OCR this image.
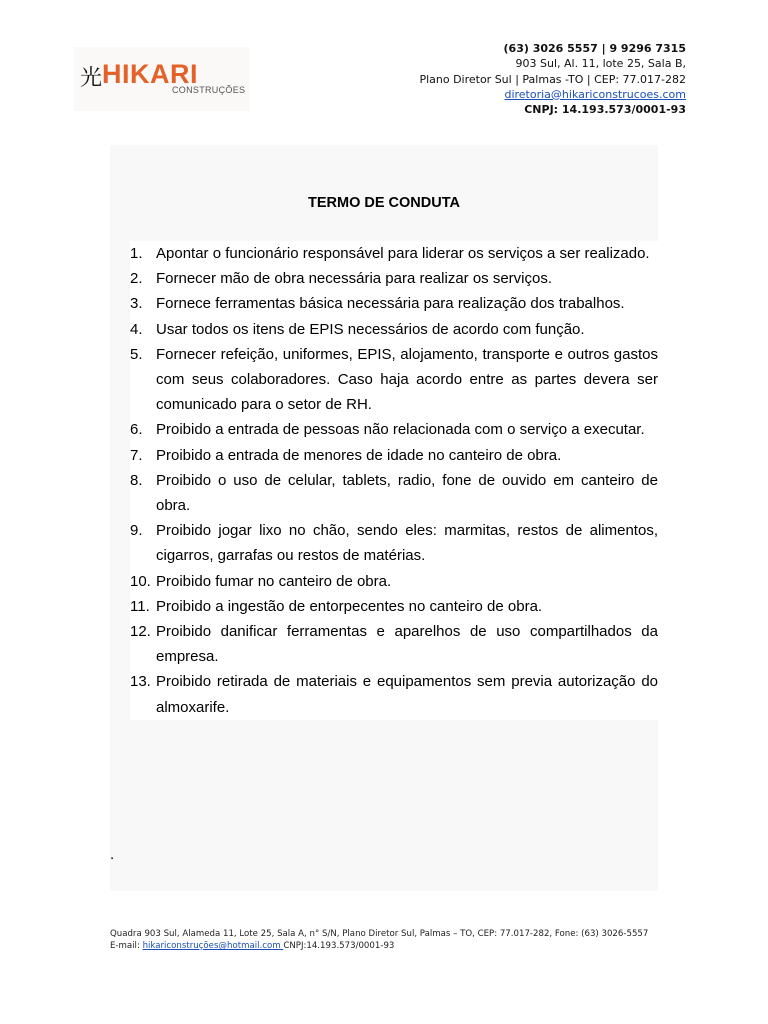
光 HIKARI
CONSTRUÇÕES
(63) 3026 5557 | 9 9296 7315
903 Sul, Al. 11, lote 25, Sala B,
Plano Diretor Sul | Palmas -TO | CEP: 77.017-282
diretoria@hikariconstrucoes.com
CNPJ: 14.193.573/0001-93
TERMO DE CONDUTA
1. Apontar o funcionário responsável para liderar os serviços a ser realizado.
2. Fornecer mão de obra necessária para realizar os serviços.
3. Fornece ferramentas básica necessária para realização dos trabalhos.
4. Usar todos os itens de EPIS necessários de acordo com função.
5. Fornecer refeição, uniformes, EPIS, alojamento, transporte e outros gastos com seus colaboradores. Caso haja acordo entre as partes devera ser comunicado para o setor de RH.
6. Proibido a entrada de pessoas não relacionada com o serviço a executar.
7. Proibido a entrada de menores de idade no canteiro de obra.
8. Proibido o uso de celular, tablets, radio, fone de ouvido em canteiro de obra.
9. Proibido jogar lixo no chão, sendo eles: marmitas, restos de alimentos, cigarros, garrafas ou restos de matérias.
10. Proibido fumar no canteiro de obra.
11. Proibido a ingestão de entorpecentes no canteiro de obra.
12. Proibido danificar ferramentas e aparelhos de uso compartilhados da empresa.
13. Proibido retirada de materiais e equipamentos sem previa autorização do almoxarife.
.
Quadra 903 Sul, Alameda 11, Lote 25, Sala A, n° S/N, Plano Diretor Sul, Palmas – TO, CEP: 77.017-282, Fone: (63) 3026-5557
E-mail: hikariconstruções@hotmail.com CNPJ:14.193.573/0001-93
